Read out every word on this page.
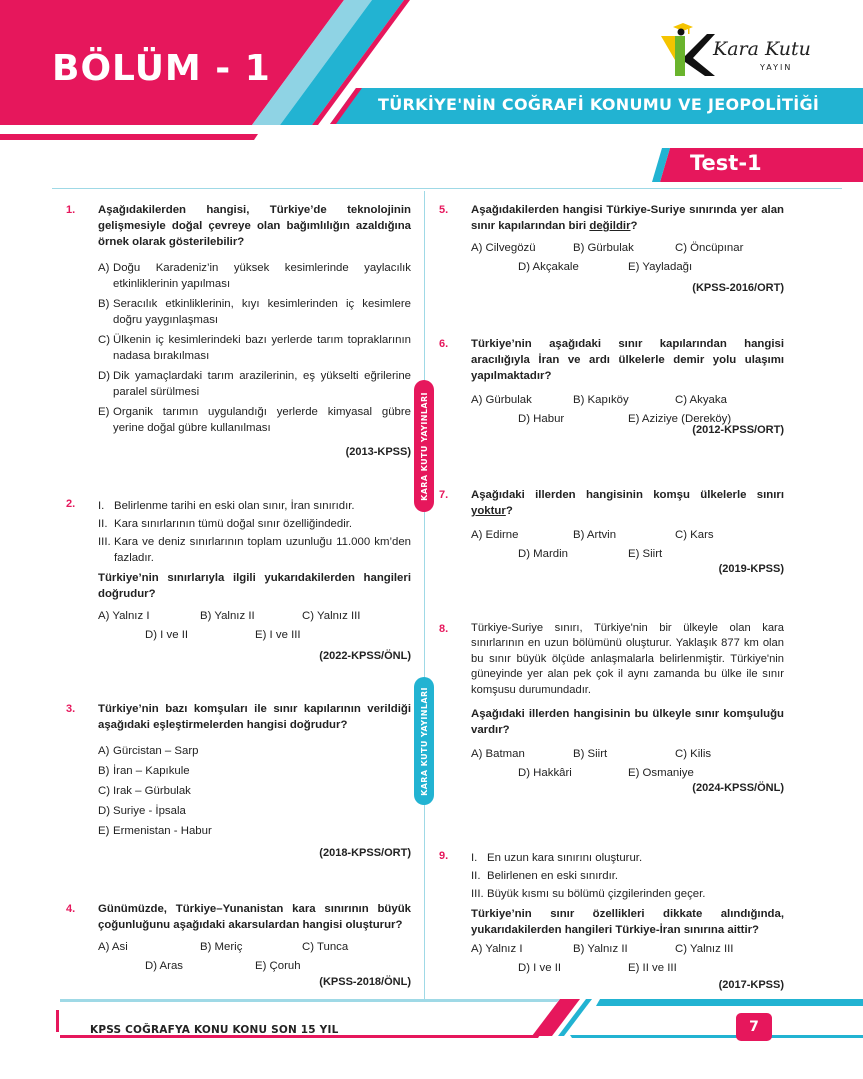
BÖLÜM - 1
TÜRKİYE'NİN COĞRAFİ KONUMU VE JEOPOLİTİĞİ
Test-1
Kara Kutu
YAYIN
KARA KUTU YAYINLARI
KARA KUTU YAYINLARI
1. Aşağıdakilerden hangisi, Türkiye’de teknolojinin gelişmesiyle doğal çevreye olan bağımlılığın azaldığına örnek olarak gösterilebilir?
A) Doğu Karadeniz’in yüksek kesimlerinde yaylacılık etkinliklerinin yapılması
B) Seracılık etkinliklerinin, kıyı kesimlerinden iç kesimlere doğru yaygınlaşması
C) Ülkenin iç kesimlerindeki bazı yerlerde tarım topraklarının nadasa bırakılması
D) Dik yamaçlardaki tarım arazilerinin, eş yükselti eğrilerine paralel sürülmesi
E) Organik tarımın uygulandığı yerlerde kimyasal gübre yerine doğal gübre kullanılması
(2013-KPSS)
2. I. Belirlenme tarihi en eski olan sınır, İran sınırıdır.
II. Kara sınırlarının tümü doğal sınır özelliğindedir.
III. Kara ve deniz sınırlarının toplam uzunluğu 11.000 km’den fazladır.
Türkiye’nin sınırlarıyla ilgili yukarıdakilerden hangileri doğrudur?
A) Yalnız I	B) Yalnız II	C) Yalnız III
D) I ve II	E) I ve III
(2022-KPSS/ÖNL)
3. Türkiye’nin bazı komşuları ile sınır kapılarının verildiği aşağıdaki eşleştirmelerden hangisi doğrudur?
A) Gürcistan – Sarp
B) İran – Kapıkule
C) Irak – Gürbulak
D) Suriye - İpsala
E) Ermenistan - Habur
(2018-KPSS/ORT)
4. Günümüzde, Türkiye–Yunanistan kara sınırının büyük çoğunluğunu aşağıdaki akarsulardan hangisi oluşturur?
A) Asi	B) Meriç	C) Tunca
D) Aras	E) Çoruh
(KPSS-2018/ÖNL)
5. Aşağıdakilerden hangisi Türkiye-Suriye sınırında yer alan sınır kapılarından biri değildir?
A) Cilvegözü	B) Gürbulak	C) Öncüpınar
D) Akçakale	E) Yayladağı
(KPSS-2016/ORT)
6. Türkiye’nin aşağıdaki sınır kapılarından hangisi aracılığıyla İran ve ardı ülkelerle demir yolu ulaşımı yapılmaktadır?
A) Gürbulak	B) Kapıköy	C) Akyaka
D) Habur	E) Aziziye (Dereköy)
(2012-KPSS/ORT)
7. Aşağıdaki illerden hangisinin komşu ülkelerle sınırı yoktur?
A) Edirne	B) Artvin	C) Kars
D) Mardin	E) Siirt
(2019-KPSS)
8. Türkiye-Suriye sınırı, Türkiye'nin bir ülkeyle olan kara sınırlarının en uzun bölümünü oluşturur. Yaklaşık 877 km olan bu sınır büyük ölçüde anlaşmalarla belirlenmiştir. Türkiye'nin güneyinde yer alan pek çok il aynı zamanda bu ülke ile sınır komşusu durumundadır.
Aşağıdaki illerden hangisinin bu ülkeyle sınır komşuluğu vardır?
A) Batman	B) Siirt	C) Kilis
D) Hakkâri	E) Osmaniye
(2024-KPSS/ÖNL)
9. I. En uzun kara sınırını oluşturur.
II. Belirlenen en eski sınırdır.
III. Büyük kısmı su bölümü çizgilerinden geçer.
Türkiye’nin sınır özellikleri dikkate alındığında, yukarıdakilerden hangileri Türkiye-İran sınırına aittir?
A) Yalnız I	B) Yalnız II	C) Yalnız III
D) I ve II	E) II ve III
(2017-KPSS)
KPSS COĞRAFYA KONU KONU SON 15 YIL	7
